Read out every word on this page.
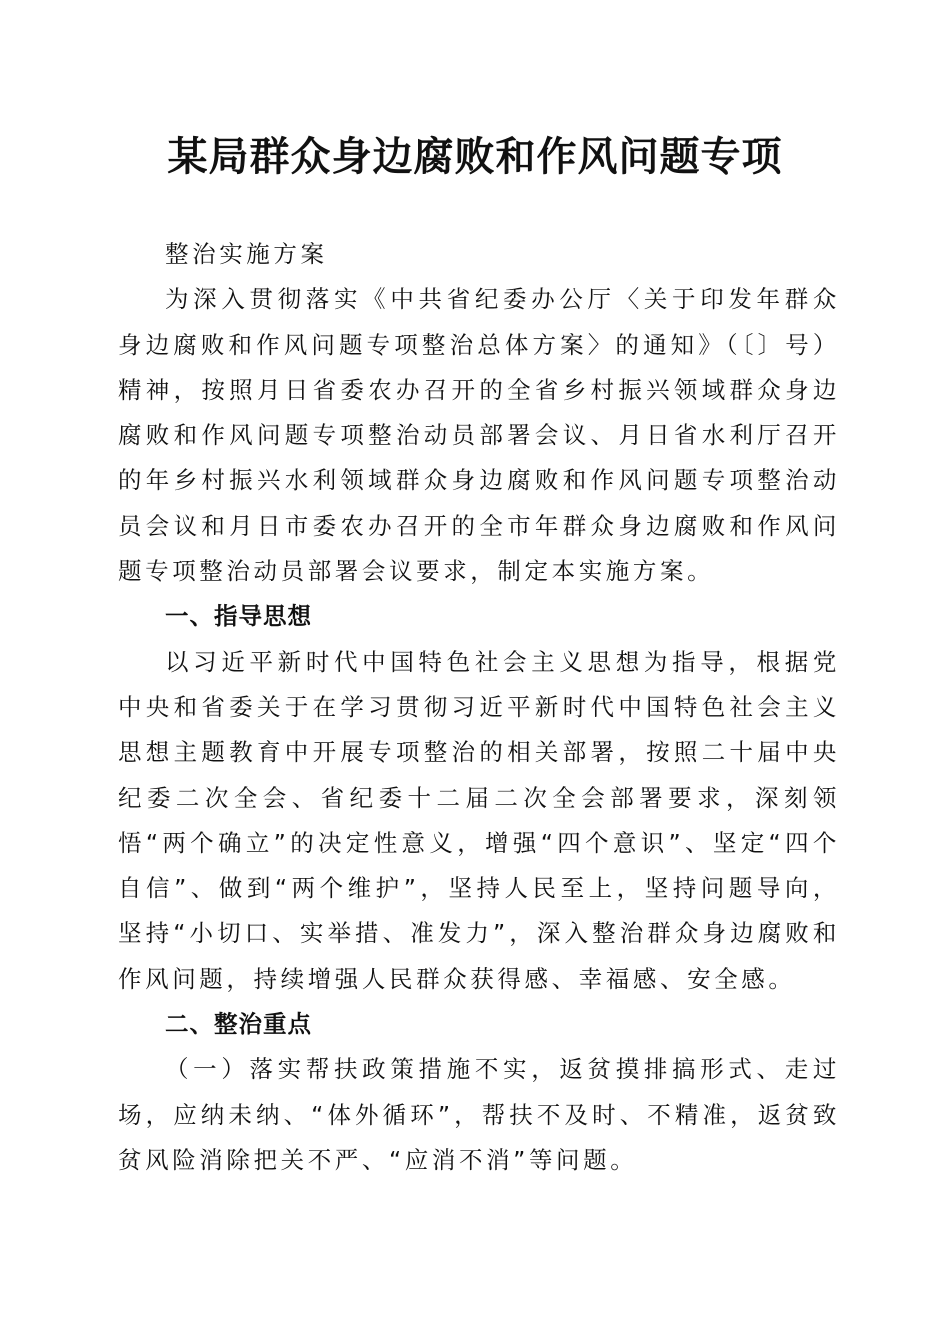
某局群众身边腐败和作风问题专项

整治实施方案

为深入贯彻落实《中共省纪委办公厅〈关于印发年群众身边腐败和作风问题专项整治总体方案〉的通知》（〔〕号）精神，按照月日省委农办召开的全省乡村振兴领域群众身边腐败和作风问题专项整治动员部署会议、月日省水利厅召开的年乡村振兴水利领域群众身边腐败和作风问题专项整治动员会议和月日市委农办召开的全市年群众身边腐败和作风问题专项整治动员部署会议要求，制定本实施方案。

一、指导思想

以习近平新时代中国特色社会主义思想为指导，根据党中央和省委关于在学习贯彻习近平新时代中国特色社会主义思想主题教育中开展专项整治的相关部署，按照二十届中央纪委二次全会、省纪委十二届二次全会部署要求，深刻领悟“两个确立”的决定性意义，增强“四个意识”、坚定“四个自信”、做到“两个维护”，坚持人民至上，坚持问题导向，坚持“小切口、实举措、准发力”，深入整治群众身边腐败和作风问题，持续增强人民群众获得感、幸福感、安全感。

二、整治重点

（一）落实帮扶政策措施不实，返贫摸排搞形式、走过场，应纳未纳、“体外循环”，帮扶不及时、不精准，返贫致贫风险消除把关不严、“应消不消”等问题。
